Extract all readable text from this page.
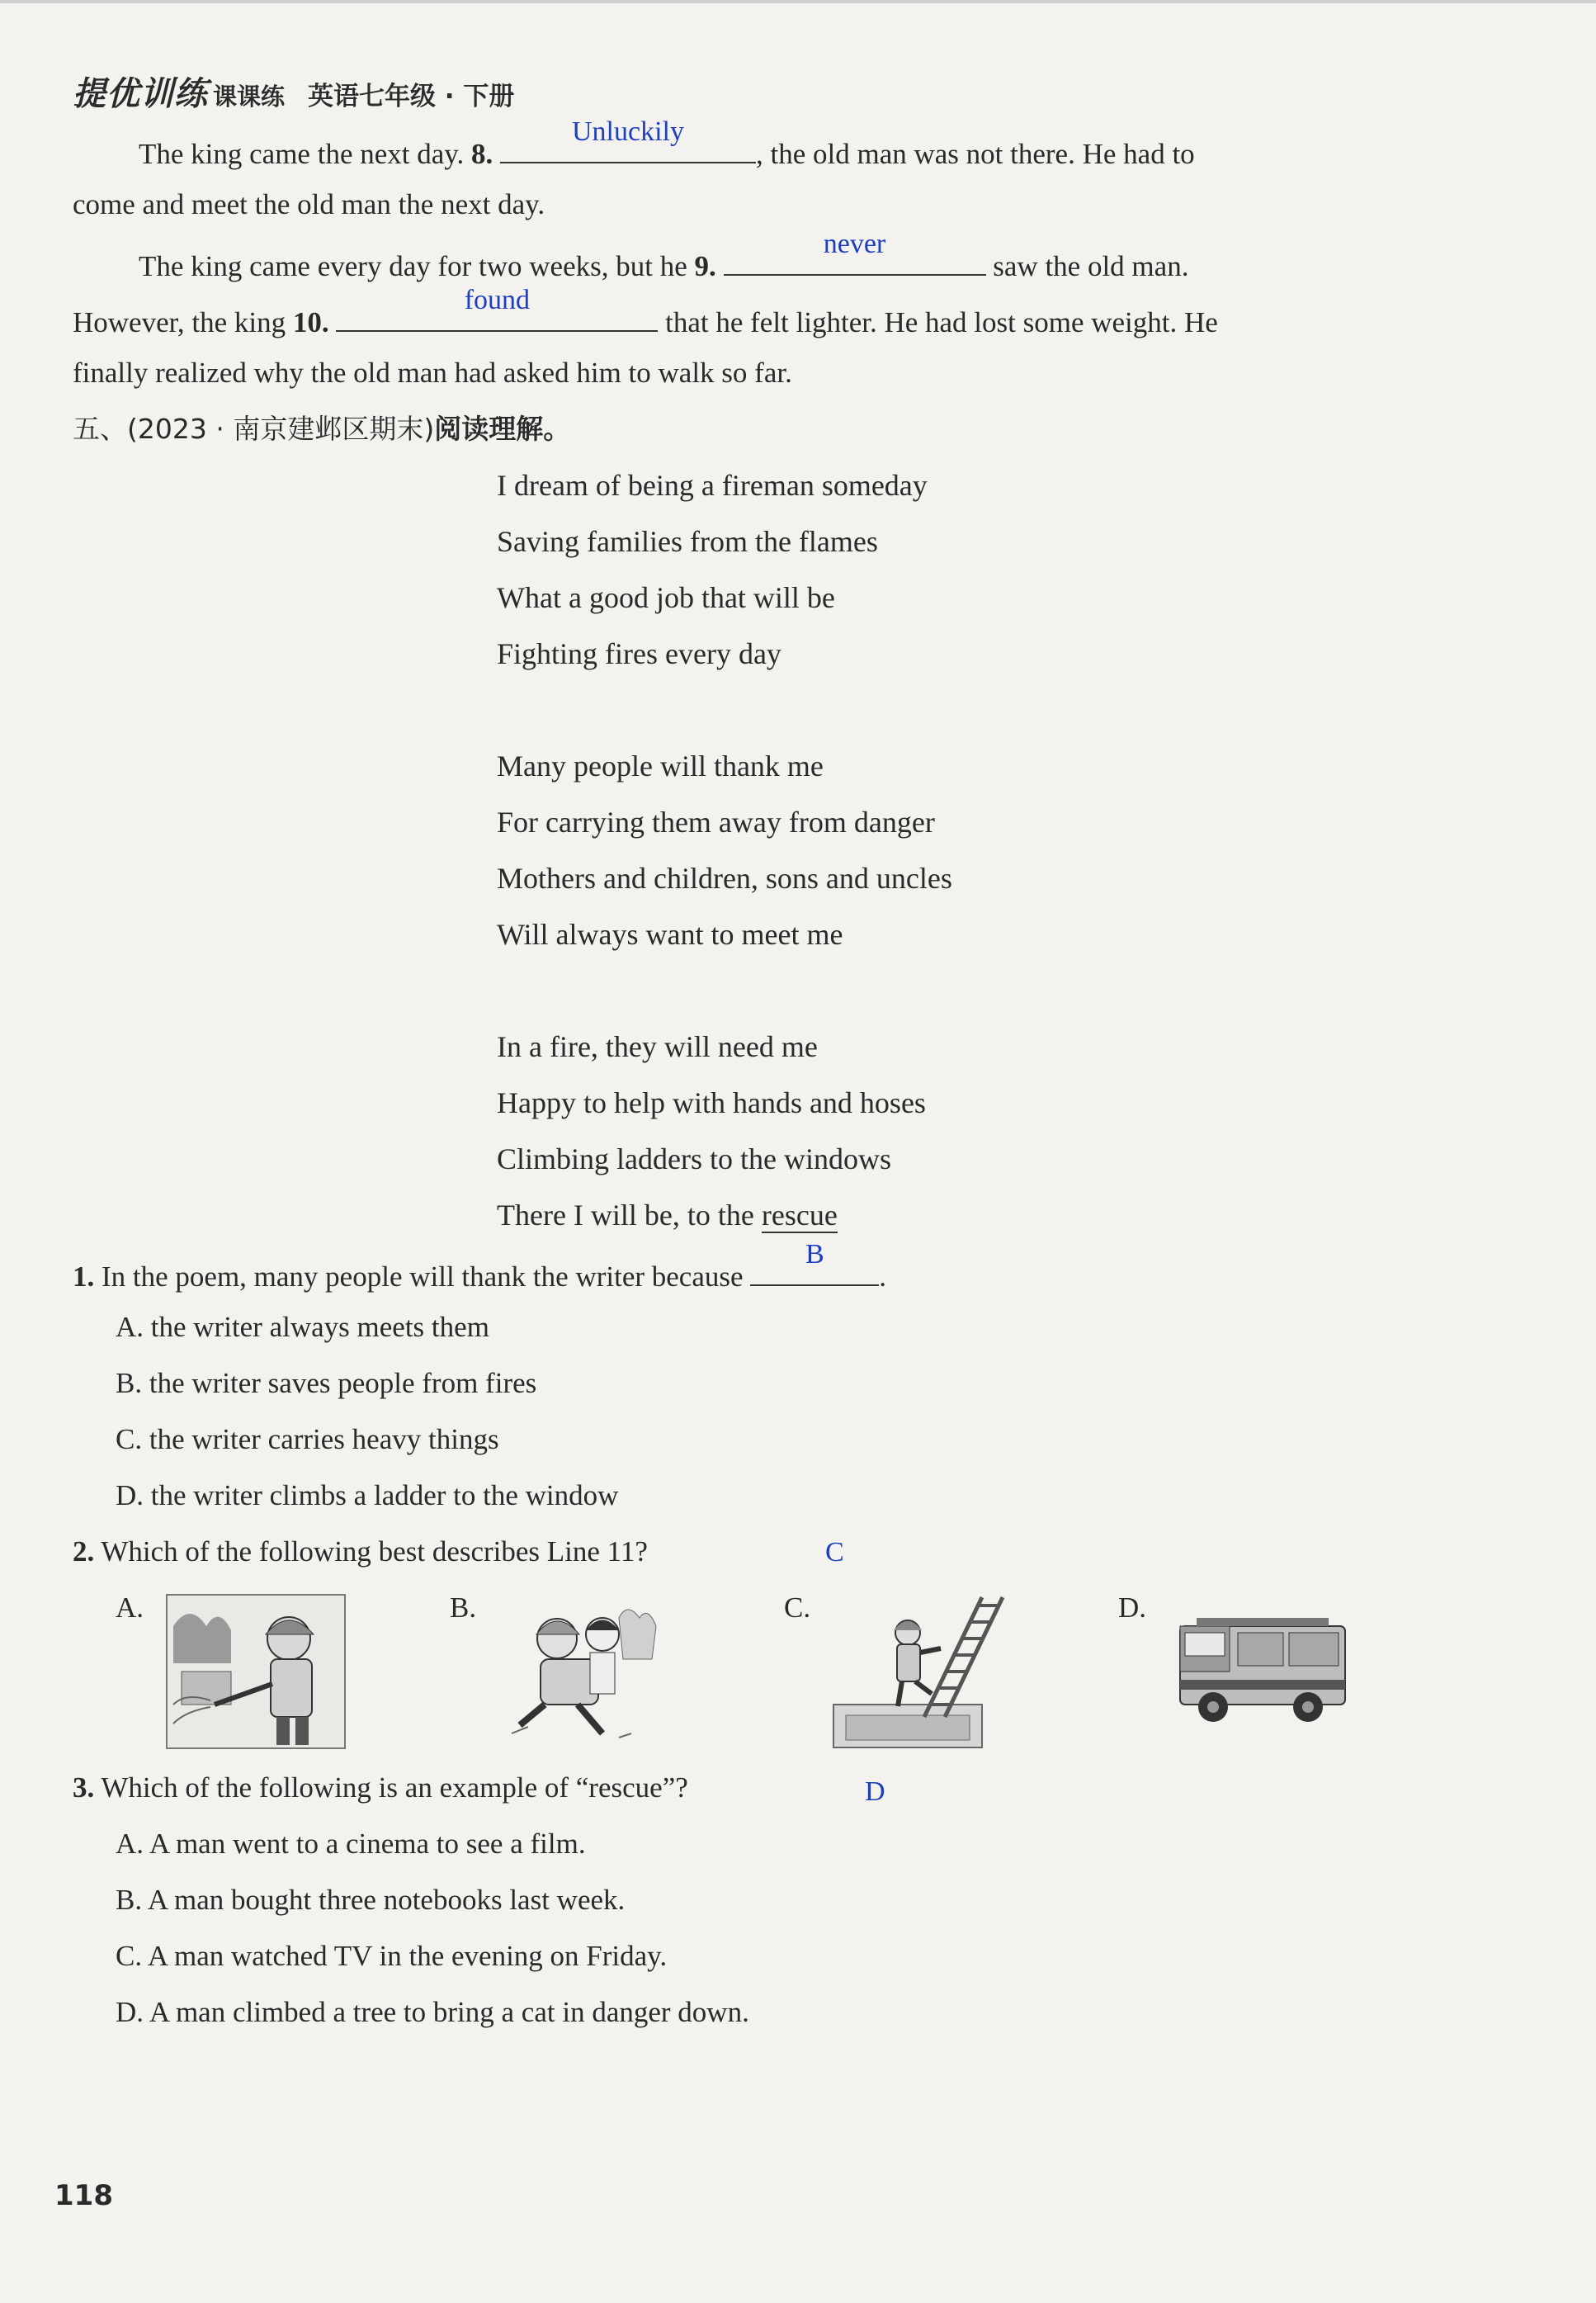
提优训练 课课练 英语七年级 · 下册
The king came the next day. 8.
Unluckily
, the old man was not there. He had to
come and meet the old man the next day.
The king came every day for two weeks, but he 9.
never
saw the old man.
However, the king 10.
found
that he felt lighter. He had lost some weight. He
finally realized why the old man had asked him to walk so far.
五、(2023 · 南京建邺区期末)阅读理解。
I dream of being a fireman someday
Saving families from the flames
What a good job that will be
Fighting fires every day
Many people will thank me
For carrying them away from danger
Mothers and children, sons and uncles
Will always want to meet me
In a fire, they will need me
Happy to help with hands and hoses
Climbing ladders to the windows
There I will be, to the rescue
1. In the poem, many people will thank the writer because
B
.
A. the writer always meets them
B. the writer saves people from fires
C. the writer carries heavy things
D. the writer climbs a ladder to the window
2. Which of the following best describes Line 11?	C
A.	B.	C.	D.
3. Which of the following is an example of “rescue”?	D
A. A man went to a cinema to see a film.
B. A man bought three notebooks last week.
C. A man watched TV in the evening on Friday.
D. A man climbed a tree to bring a cat in danger down.
118
